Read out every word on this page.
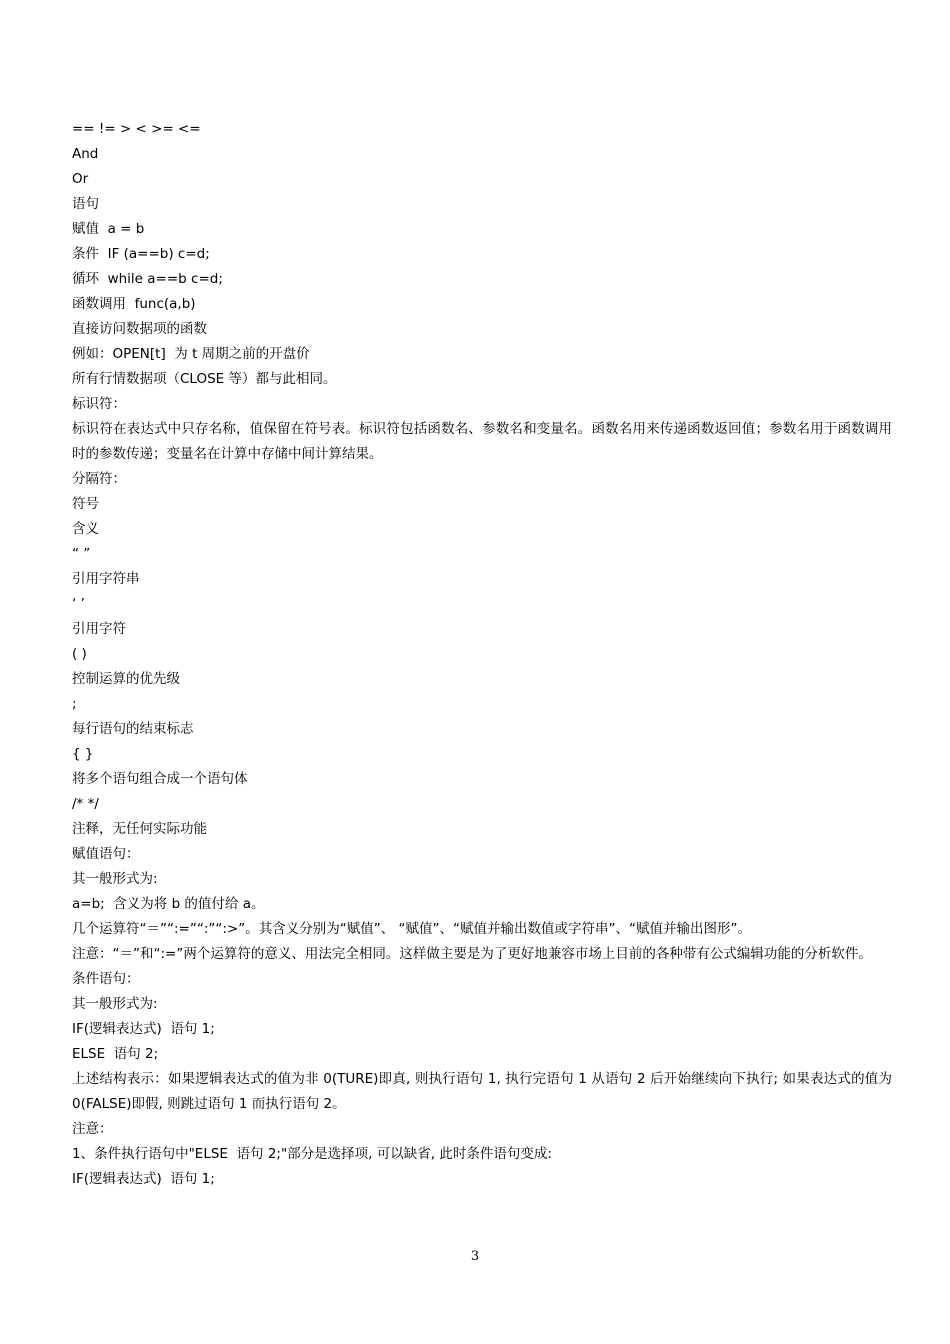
== != > < >= <=
And
Or
语句
赋值  a = b
条件  IF (a==b) c=d;
循环  while a==b c=d;
函数调用  func(a,b)
直接访问数据项的函数
例如：OPEN[t]  为 t 周期之前的开盘价
所有行情数据项（CLOSE 等）都与此相同。
标识符：
标识符在表达式中只存名称，值保留在符号表。标识符包括函数名、参数名和变量名。函数名用来传递函数返回值；参数名用于函数调用时的参数传递；变量名在计算中存储中间计算结果。
分隔符：
符号
含义
“ ”
引用字符串
‘ ’
引用字符
( )
控制运算的优先级
;
每行语句的结束标志
{ }
将多个语句组合成一个语句体
/* */
注释，无任何实际功能
赋值语句：
其一般形式为:
a=b;  含义为将 b 的值付给 a。
几个运算符“＝”“:=”“:”“:>”。其含义分别为“赋值”、 “赋值”、“赋值并输出数值或字符串”、“赋值并输出图形”。
注意：“＝”和“:=”两个运算符的意义、用法完全相同。这样做主要是为了更好地兼容市场上目前的各种带有公式编辑功能的分析软件。
条件语句：
其一般形式为:
IF(逻辑表达式)  语句 1;
ELSE  语句 2;
上述结构表示：如果逻辑表达式的值为非 0(TURE)即真, 则执行语句 1, 执行完语句 1 从语句 2 后开始继续向下执行; 如果表达式的值为 0(FALSE)即假, 则跳过语句 1 而执行语句 2。
注意：
1、条件执行语句中"ELSE  语句 2;"部分是选择项, 可以缺省, 此时条件语句变成:
IF(逻辑表达式)  语句 1;
3
